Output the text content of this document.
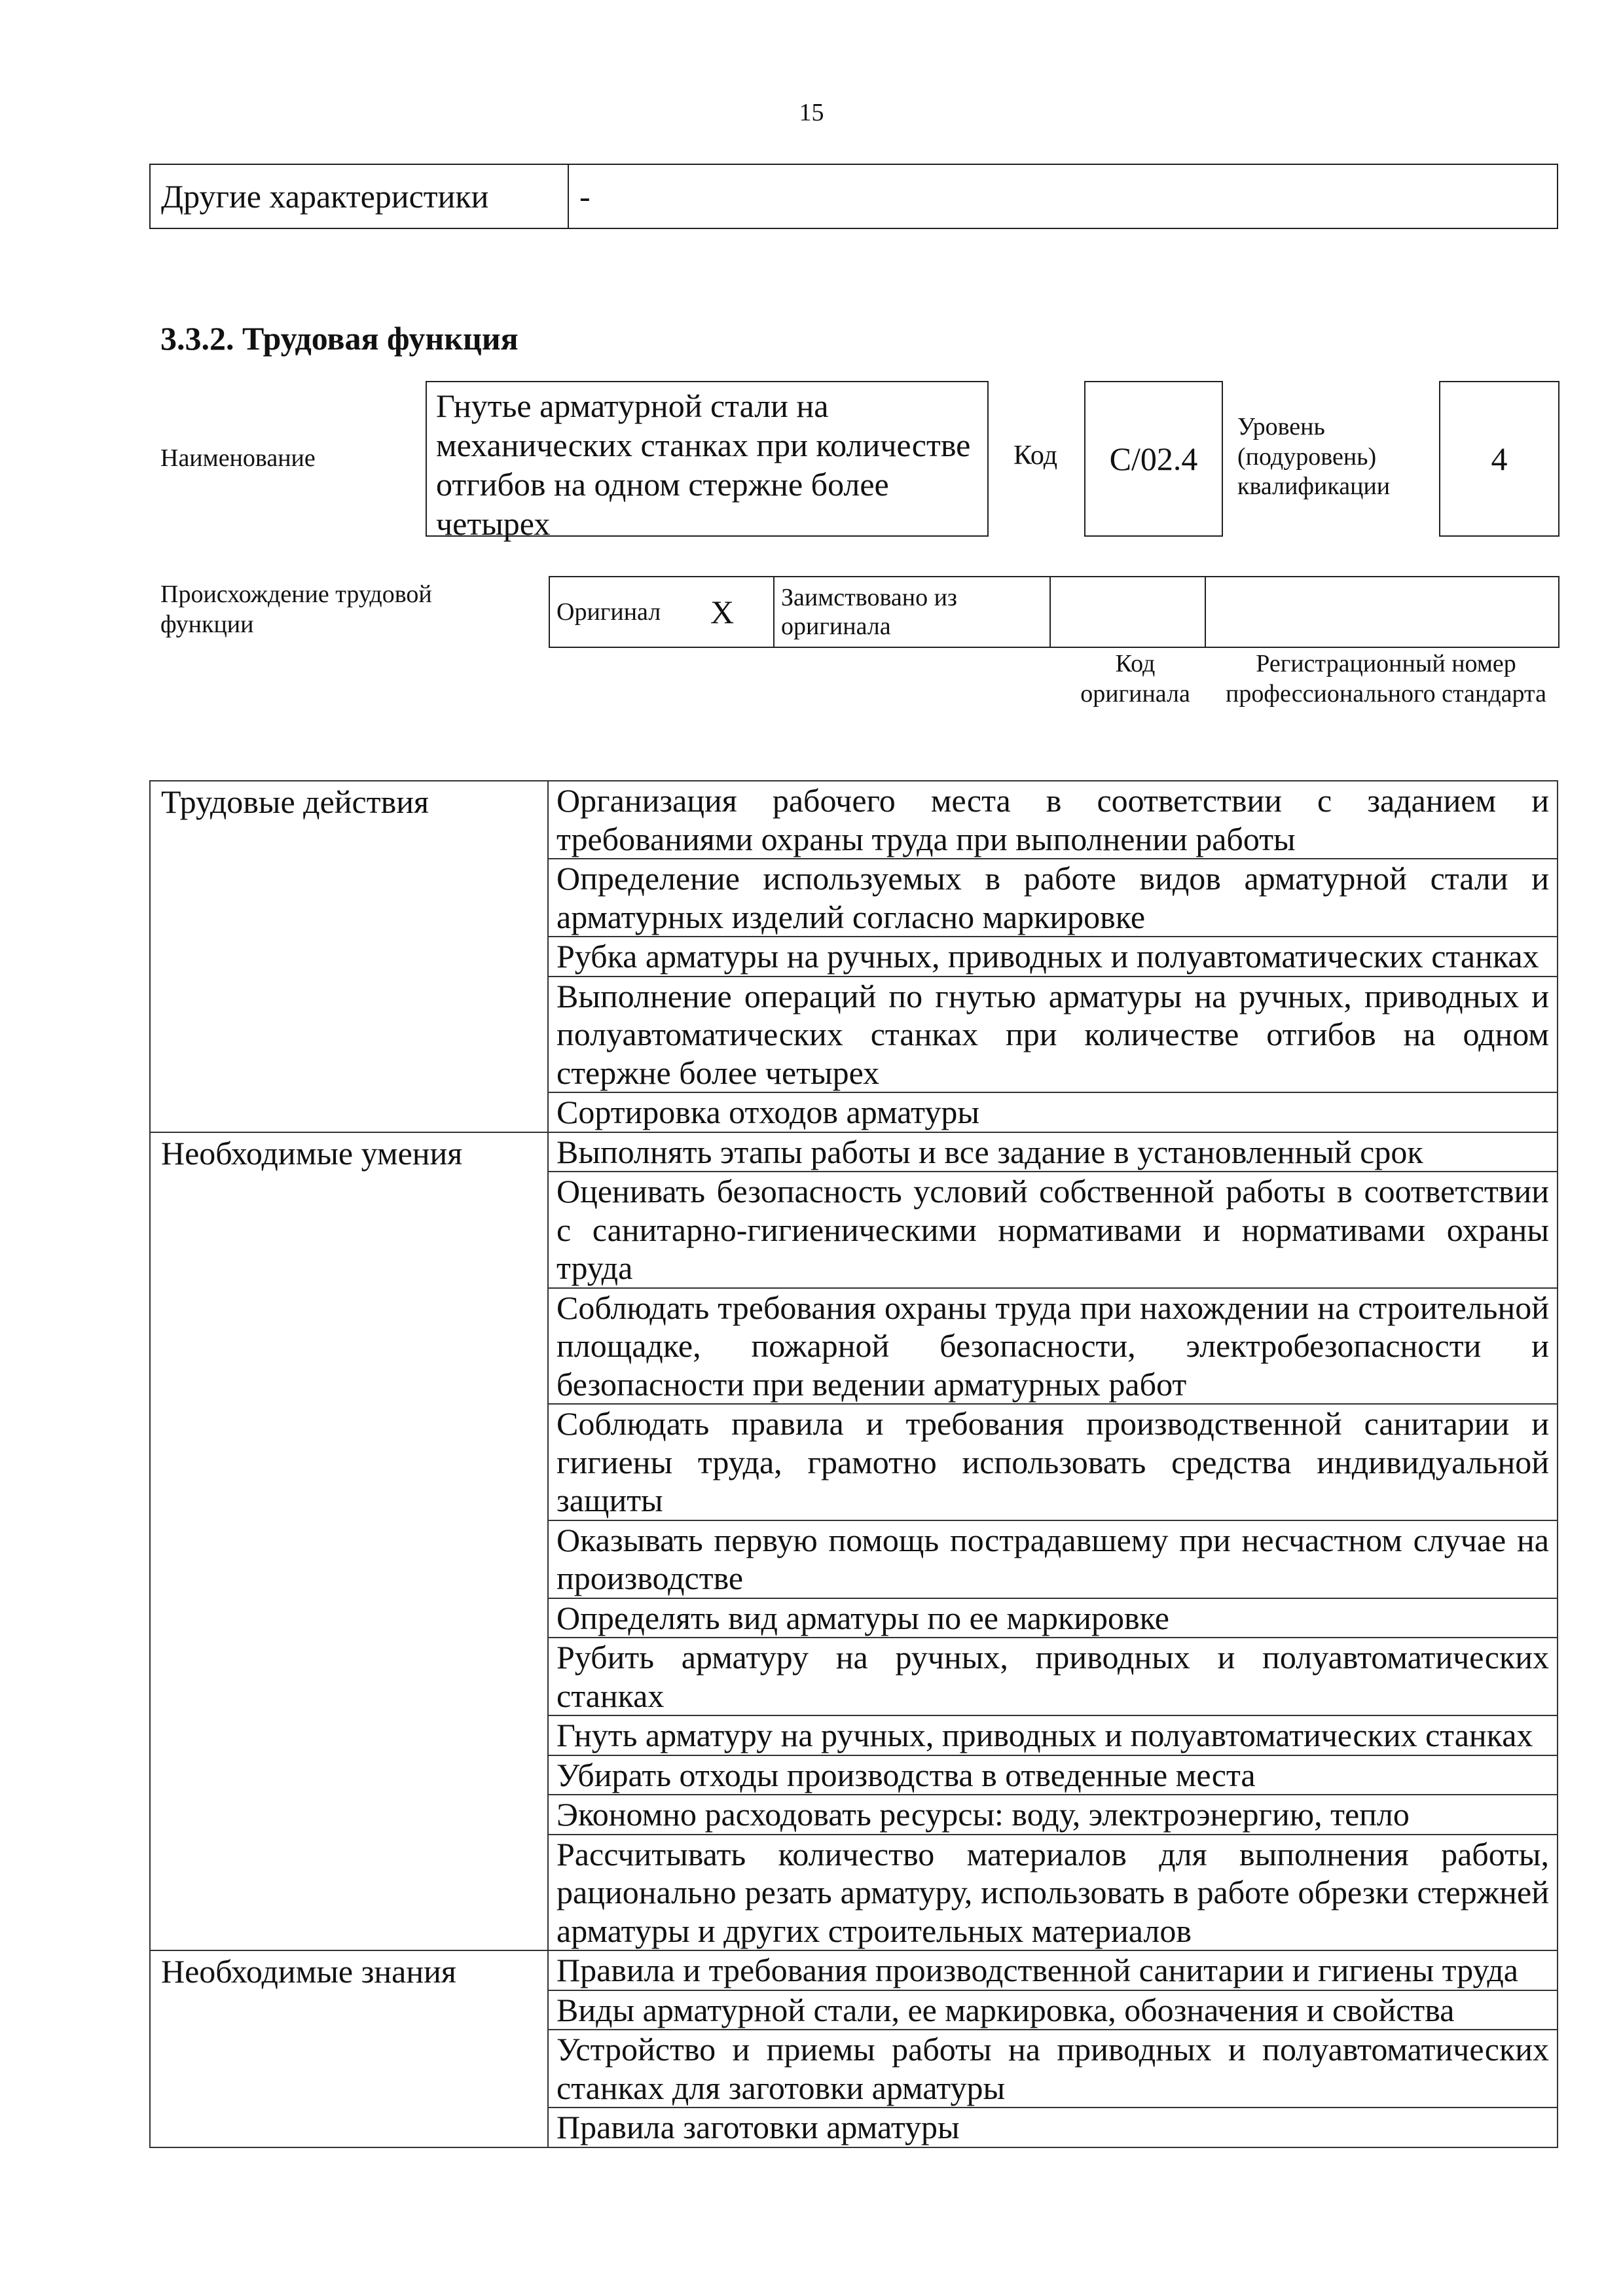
15
Другие характеристики	-
3.3.2. Трудовая функция
Наименование
Гнутье арматурной стали на механических станках при количестве отгибов на одном стержне более четырех
Код	С/02.4
Уровень (подуровень) квалификации
4
Происхождение трудовой функции	Оригинал	X	Заимствовано из оригинала		
Код оригинала
Регистрационный номер профессионального стандарта
Трудовые действия	Организация рабочего места в соответствии с заданием и требованиями охраны труда при выполнении работы
	Определение используемых в работе видов арматурной стали и арматурных изделий согласно маркировке
	Рубка арматуры на ручных, приводных и полуавтоматических станках
	Выполнение операций по гнутью арматуры на ручных, приводных и полуавтоматических станках при количестве отгибов на одном стержне более четырех
	Сортировка отходов арматуры
Необходимые умения	Выполнять этапы работы и все задание в установленный срок
	Оценивать безопасность условий собственной работы в соответствии с санитарно-гигиеническими нормативами и нормативами охраны труда
	Соблюдать требования охраны труда при нахождении на строительной площадке, пожарной безопасности, электробезопасности и безопасности при ведении арматурных работ
	Соблюдать правила и требования производственной санитарии и гигиены труда, грамотно использовать средства индивидуальной защиты
	Оказывать первую помощь пострадавшему при несчастном случае на производстве
	Определять вид арматуры по ее маркировке
	Рубить арматуру на ручных, приводных и полуавтоматических станках
	Гнуть арматуру на ручных, приводных и полуавтоматических станках
	Убирать отходы производства в отведенные места
	Экономно расходовать ресурсы: воду, электроэнергию, тепло
	Рассчитывать количество материалов для выполнения работы, рационально резать арматуру, использовать в работе обрезки стержней арматуры и других строительных материалов
Необходимые знания	Правила и требования производственной санитарии и гигиены труда
	Виды арматурной стали, ее маркировка, обозначения и свойства
	Устройство и приемы работы на приводных и полуавтоматических станках для заготовки арматуры
	Правила заготовки арматуры
